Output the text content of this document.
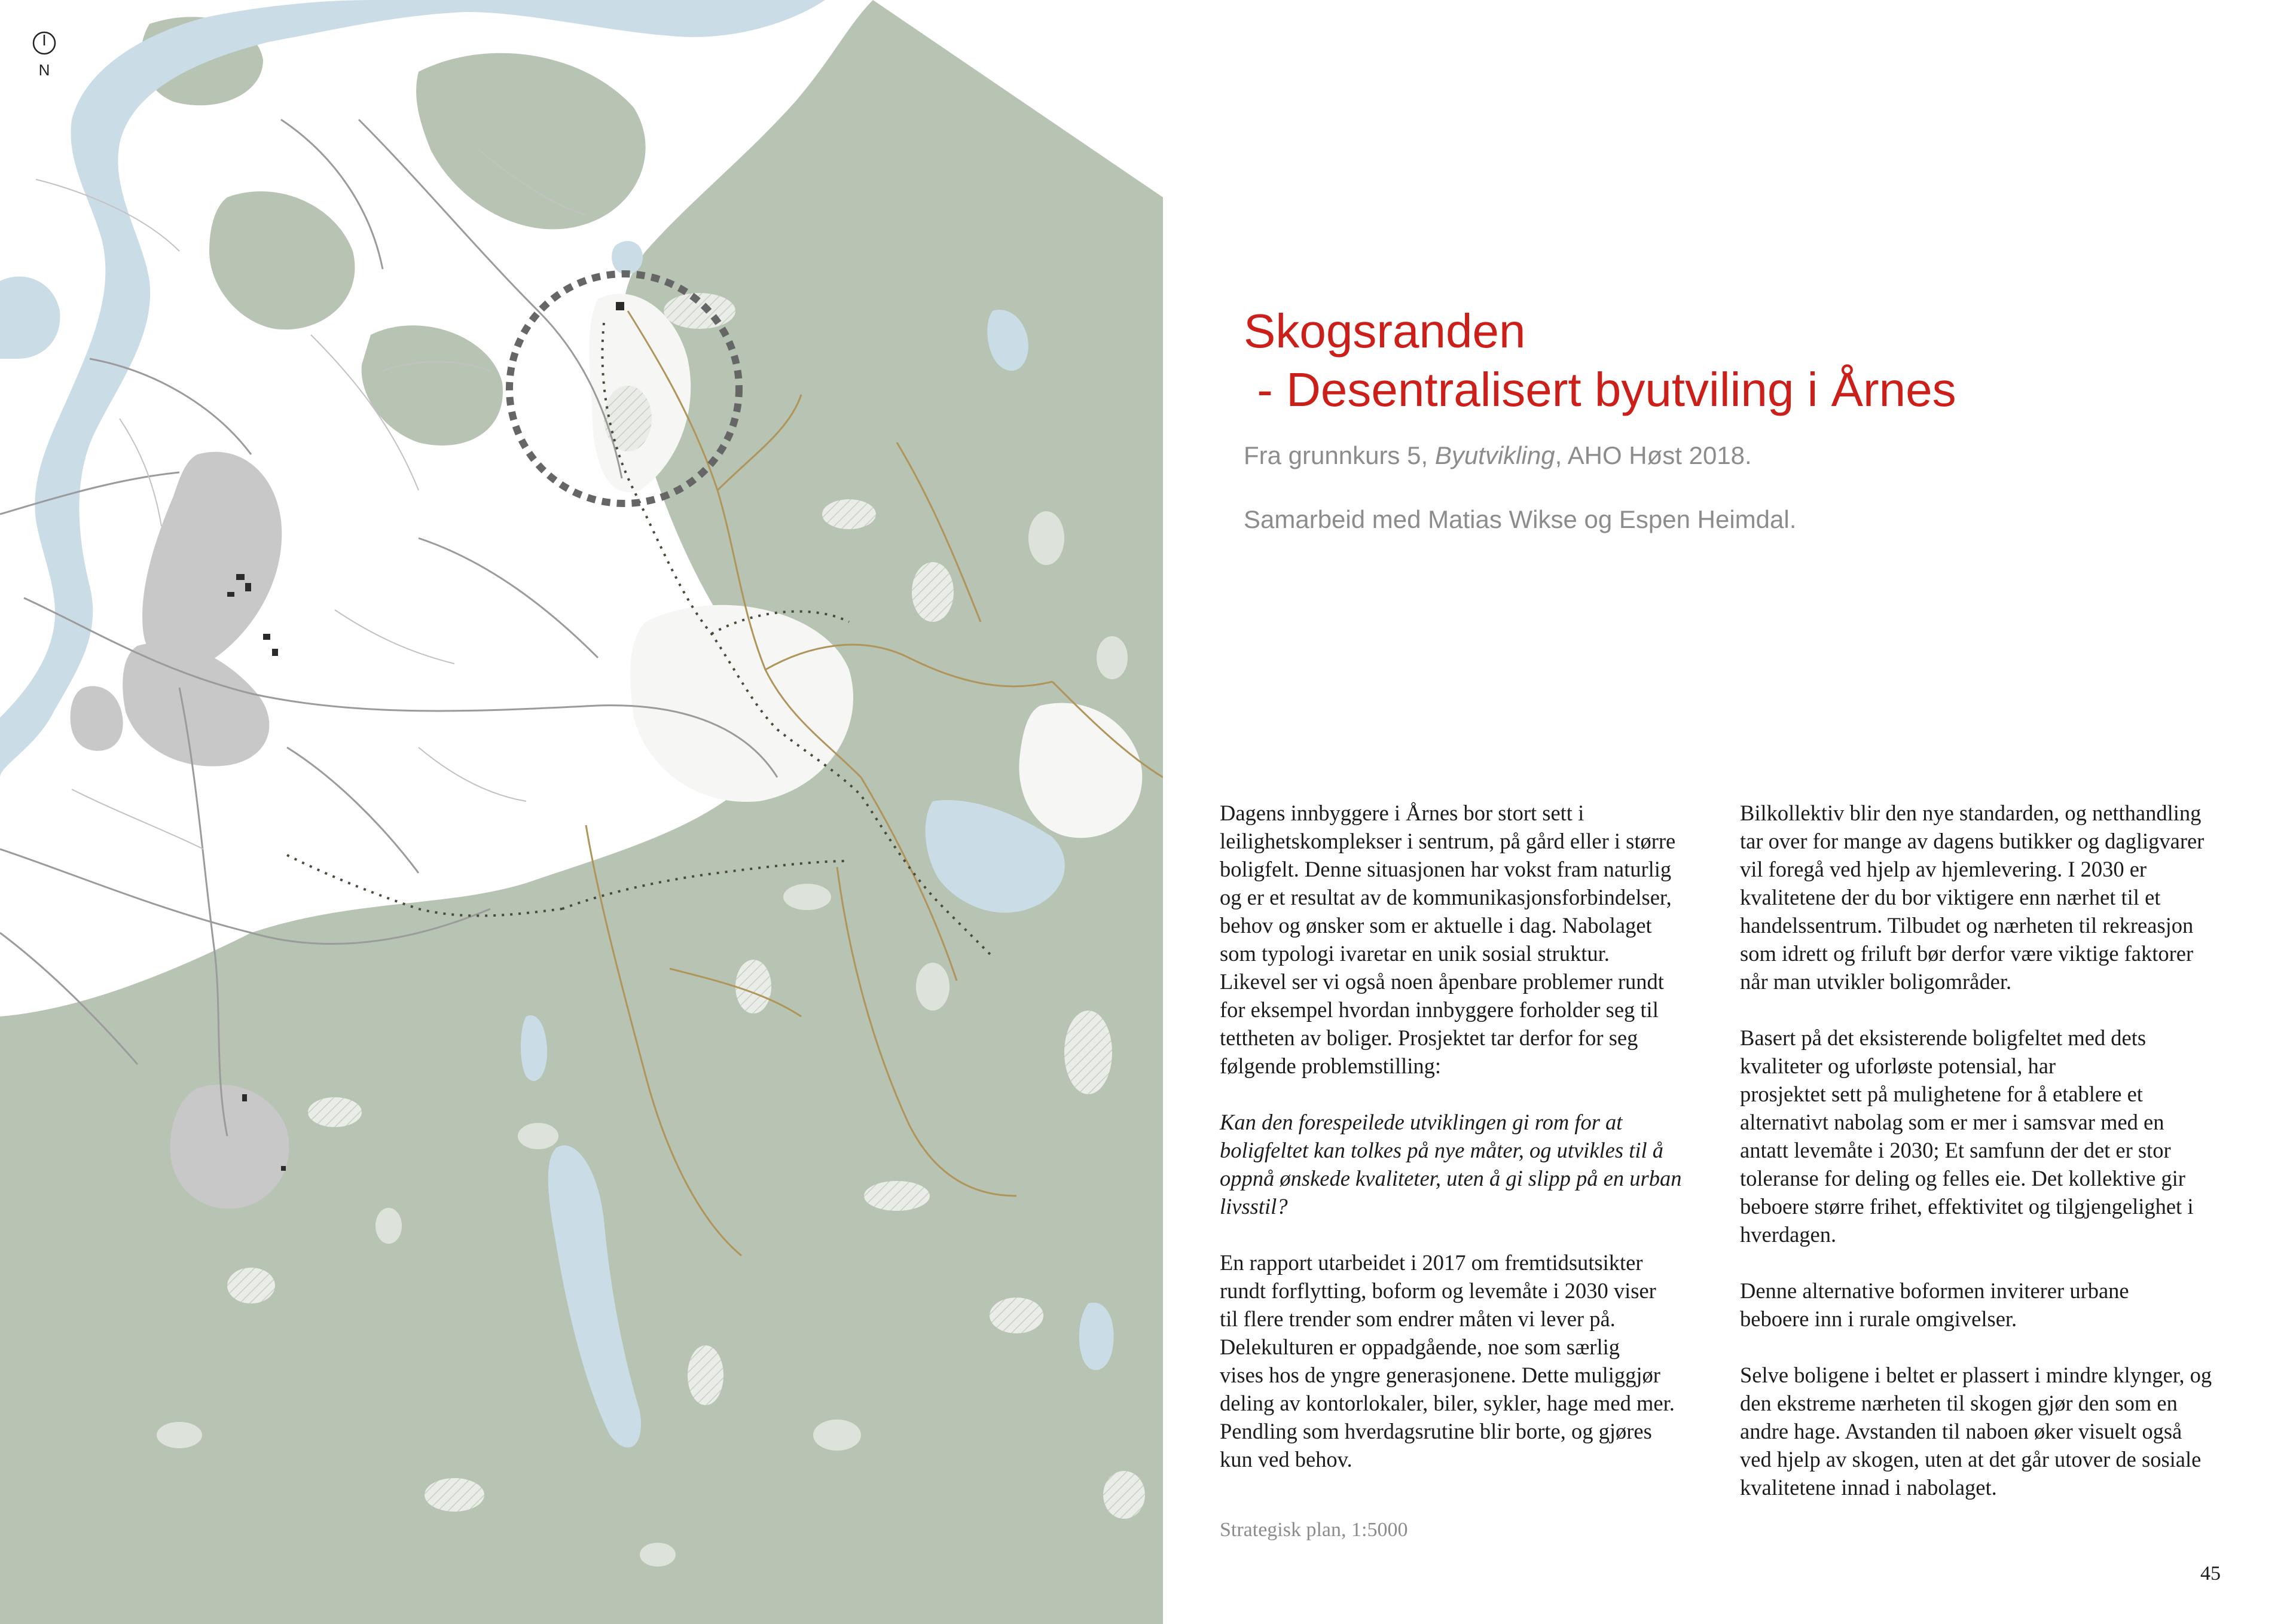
N
Skogsranden
- Desentralisert byutviling i Årnes

Fra grunnkurs 5, Byutvikling, AHO Høst 2018.

Samarbeid med Matias Wikse og Espen Heimdal.

Dagens innbyggere i Årnes bor stort sett i
leilighetskomplekser i sentrum, på gård eller i større
boligfelt. Denne situasjonen har vokst fram naturlig
og er et resultat av de kommunikasjonsforbindelser,
behov og ønsker som er aktuelle i dag. Nabolaget
som typologi ivaretar en unik sosial struktur.
Likevel ser vi også noen åpenbare problemer rundt
for eksempel hvordan innbyggere forholder seg til
tettheten av boliger. Prosjektet tar derfor for seg
følgende problemstilling:

Kan den forespeilede utviklingen gi rom for at
boligfeltet kan tolkes på nye måter, og utvikles til å
oppnå ønskede kvaliteter, uten å gi slipp på en urban
livsstil?

En rapport utarbeidet i 2017 om fremtidsutsikter
rundt forflytting, boform og levemåte i 2030 viser
til flere trender som endrer måten vi lever på.
Delekulturen er oppadgående, noe som særlig
vises hos de yngre generasjonene. Dette muliggjør
deling av kontorlokaler, biler, sykler, hage med mer.
Pendling som hverdagsrutine blir borte, og gjøres
kun ved behov.

Bilkollektiv blir den nye standarden, og netthandling
tar over for mange av dagens butikker og dagligvarer
vil foregå ved hjelp av hjemlevering. I 2030 er
kvalitetene der du bor viktigere enn nærhet til et
handelssentrum. Tilbudet og nærheten til rekreasjon
som idrett og friluft bør derfor være viktige faktorer
når man utvikler boligområder.

Basert på det eksisterende boligfeltet med dets
kvaliteter og uforløste potensial, har
prosjektet sett på mulighetene for å etablere et
alternativt nabolag som er mer i samsvar med en
antatt levemåte i 2030; Et samfunn der det er stor
toleranse for deling og felles eie. Det kollektive gir
beboere større frihet, effektivitet og tilgjengelighet i
hverdagen.

Denne alternative boformen inviterer urbane
beboere inn i rurale omgivelser.

Selve boligene i beltet er plassert i mindre klynger, og
den ekstreme nærheten til skogen gjør den som en
andre hage. Avstanden til naboen øker visuelt også
ved hjelp av skogen, uten at det går utover de sosiale
kvalitetene innad i nabolaget.

Strategisk plan, 1:5000
45
